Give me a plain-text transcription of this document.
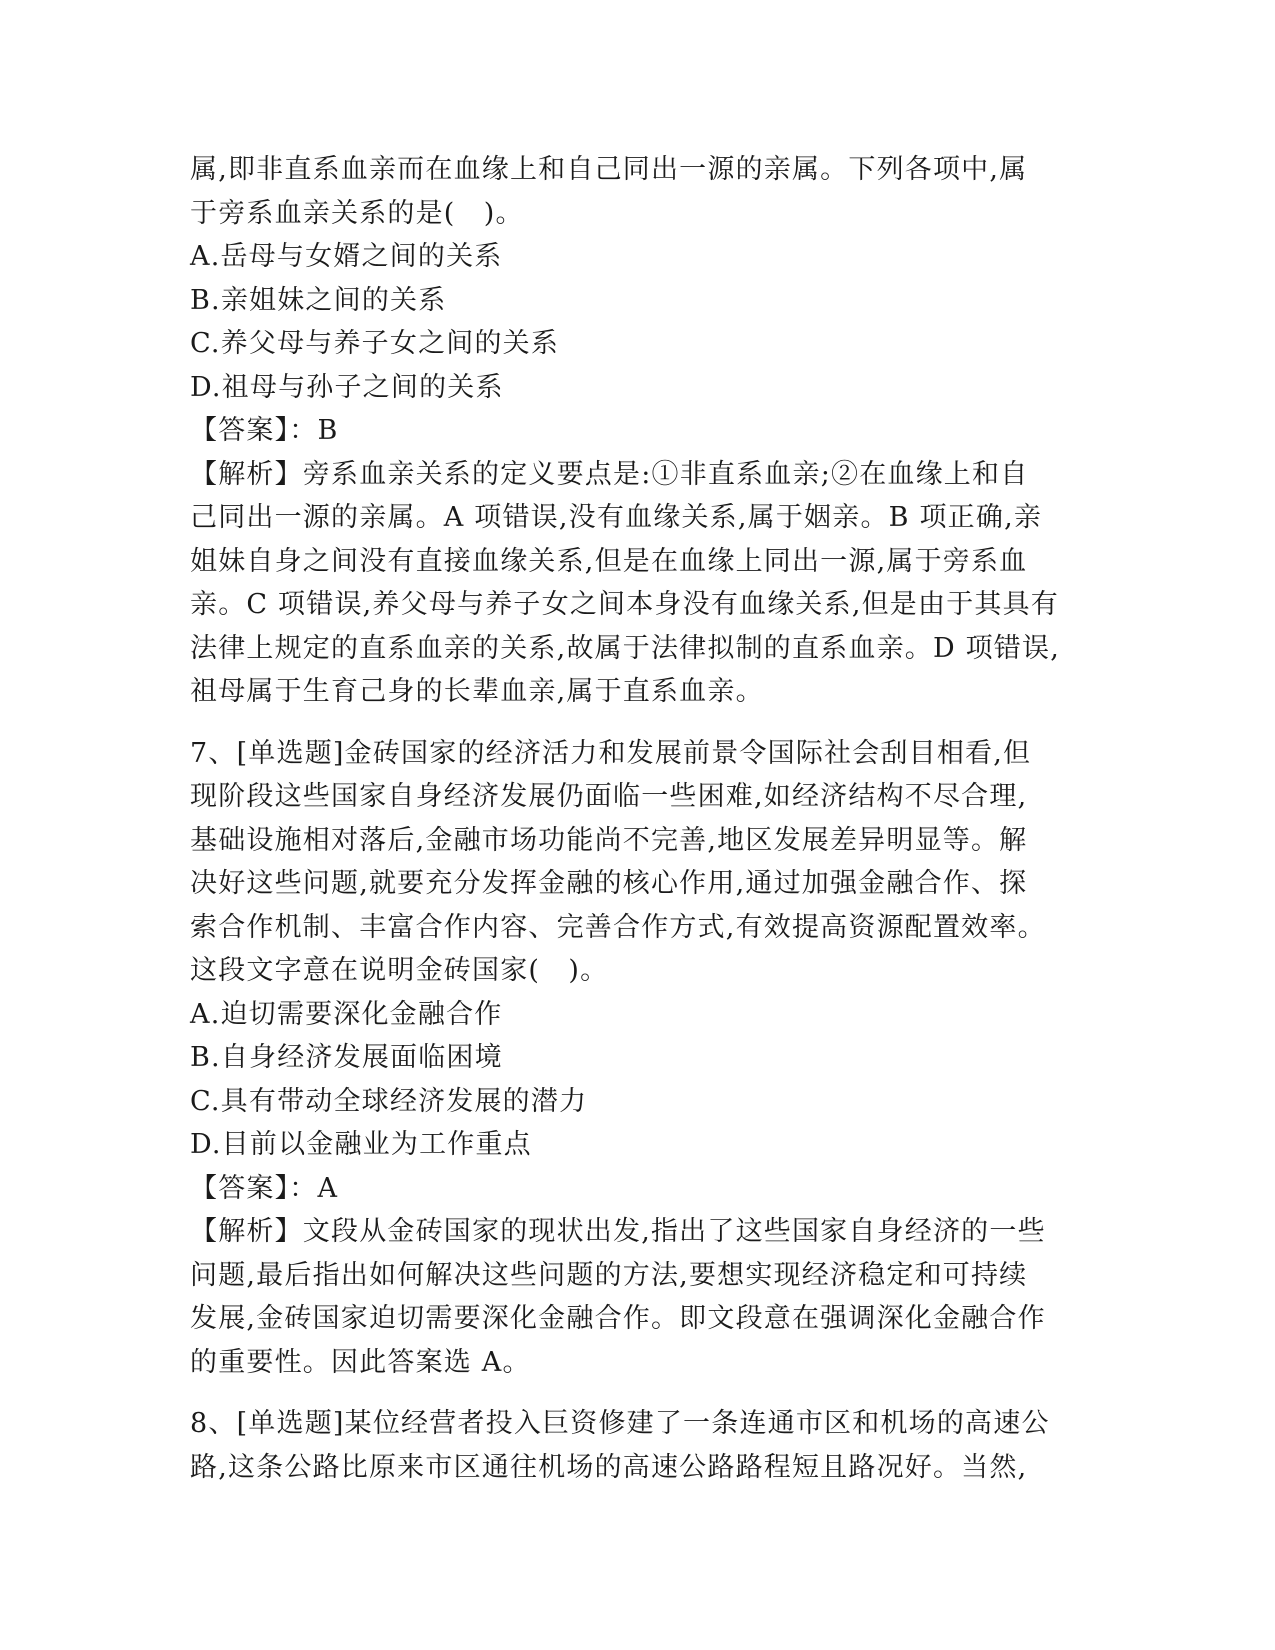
属,即非直系血亲而在血缘上和自己同出一源的亲属。下列各项中,属
于旁系血亲关系的是(　)。
A.岳母与女婿之间的关系
B.亲姐妹之间的关系
C.养父母与养子女之间的关系
D.祖母与孙子之间的关系
【答案】：B
【解析】旁系血亲关系的定义要点是:①非直系血亲;②在血缘上和自
己同出一源的亲属。A 项错误,没有血缘关系,属于姻亲。B 项正确,亲
姐妹自身之间没有直接血缘关系,但是在血缘上同出一源,属于旁系血
亲。C 项错误,养父母与养子女之间本身没有血缘关系,但是由于其具有
法律上规定的直系血亲的关系,故属于法律拟制的直系血亲。D 项错误,
祖母属于生育己身的长辈血亲,属于直系血亲。
7、[单选题]金砖国家的经济活力和发展前景令国际社会刮目相看,但
现阶段这些国家自身经济发展仍面临一些困难,如经济结构不尽合理,
基础设施相对落后,金融市场功能尚不完善,地区发展差异明显等。解
决好这些问题,就要充分发挥金融的核心作用,通过加强金融合作、探
索合作机制、丰富合作内容、完善合作方式,有效提高资源配置效率。
这段文字意在说明金砖国家(　)。
A.迫切需要深化金融合作
B.自身经济发展面临困境
C.具有带动全球经济发展的潜力
D.目前以金融业为工作重点
【答案】：A
【解析】文段从金砖国家的现状出发,指出了这些国家自身经济的一些
问题,最后指出如何解决这些问题的方法,要想实现经济稳定和可持续
发展,金砖国家迫切需要深化金融合作。即文段意在强调深化金融合作
的重要性。因此答案选 A。
8、[单选题]某位经营者投入巨资修建了一条连通市区和机场的高速公
路,这条公路比原来市区通往机场的高速公路路程短且路况好。当然,
